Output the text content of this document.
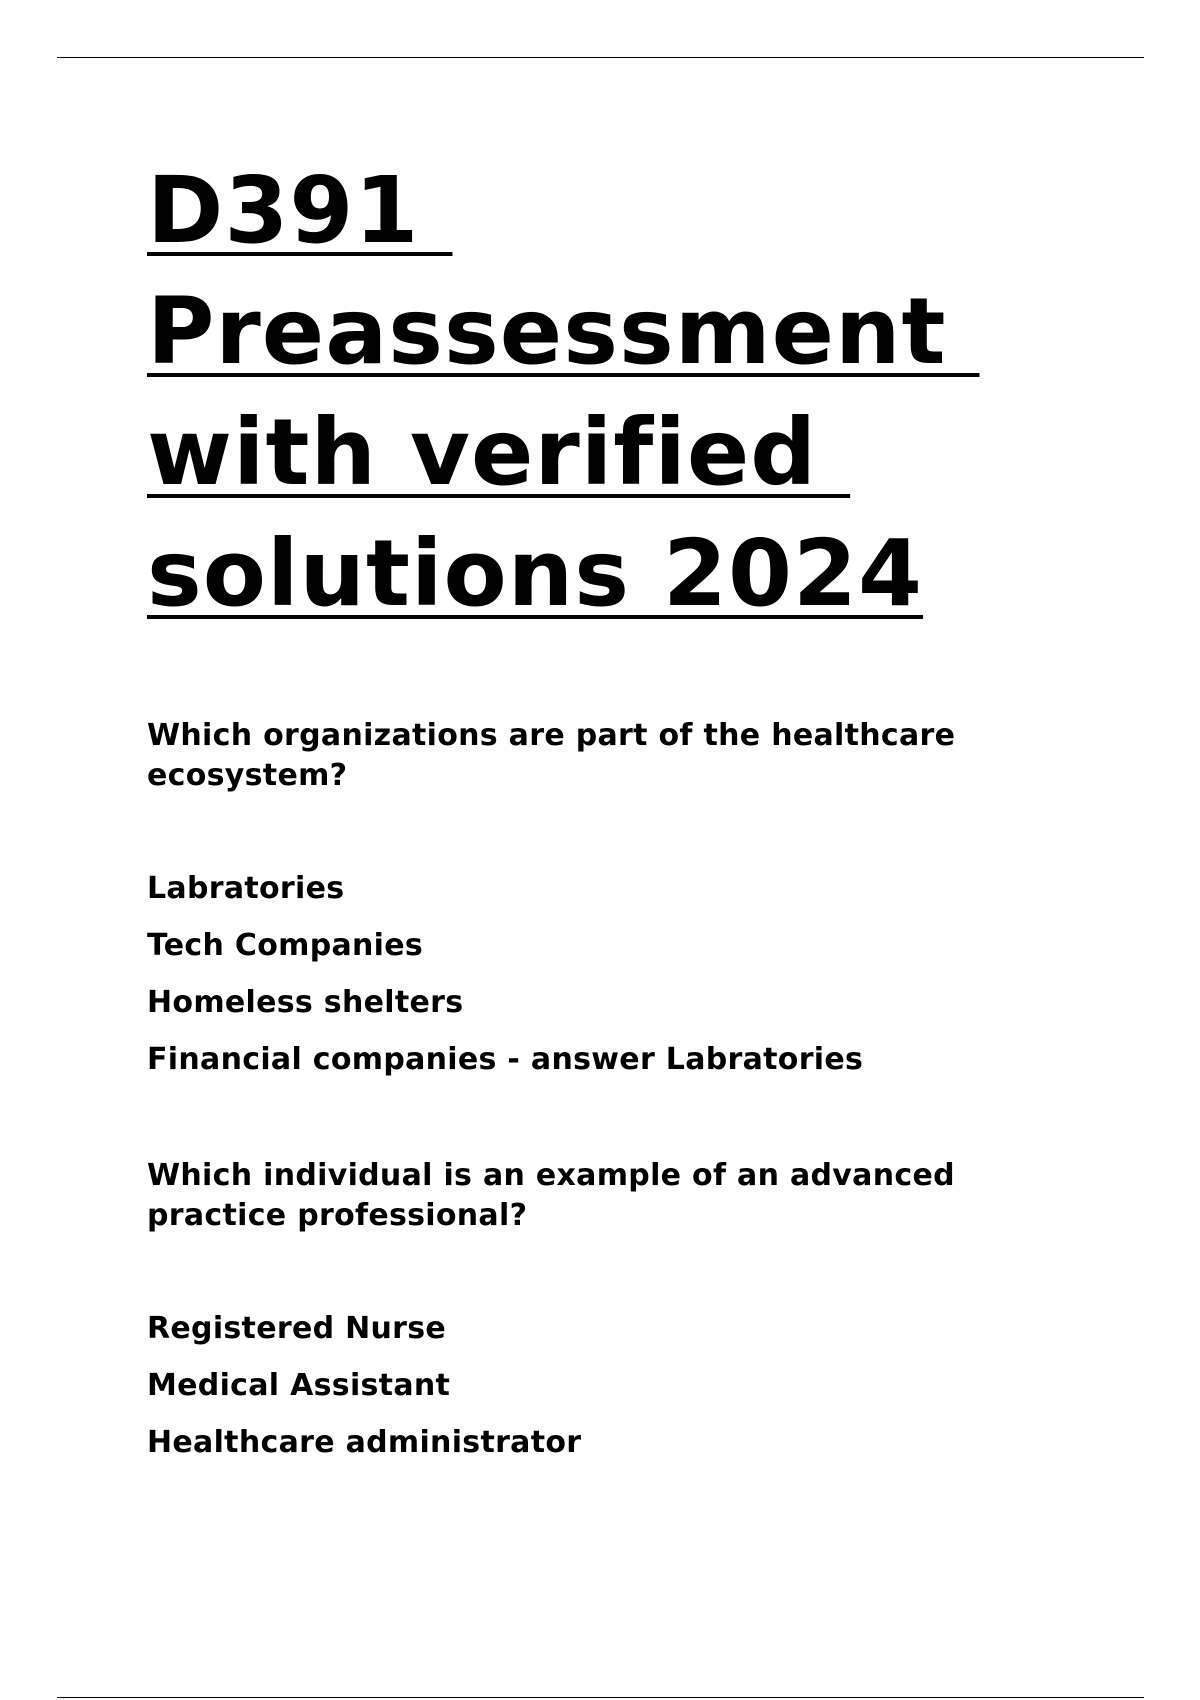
D391
Preassessment
with verified
solutions 2024

Which organizations are part of the healthcare ecosystem?

Labratories
Tech Companies
Homeless shelters
Financial companies - answer Labratories

Which individual is an example of an advanced practice professional?

Registered Nurse
Medical Assistant
Healthcare administrator
